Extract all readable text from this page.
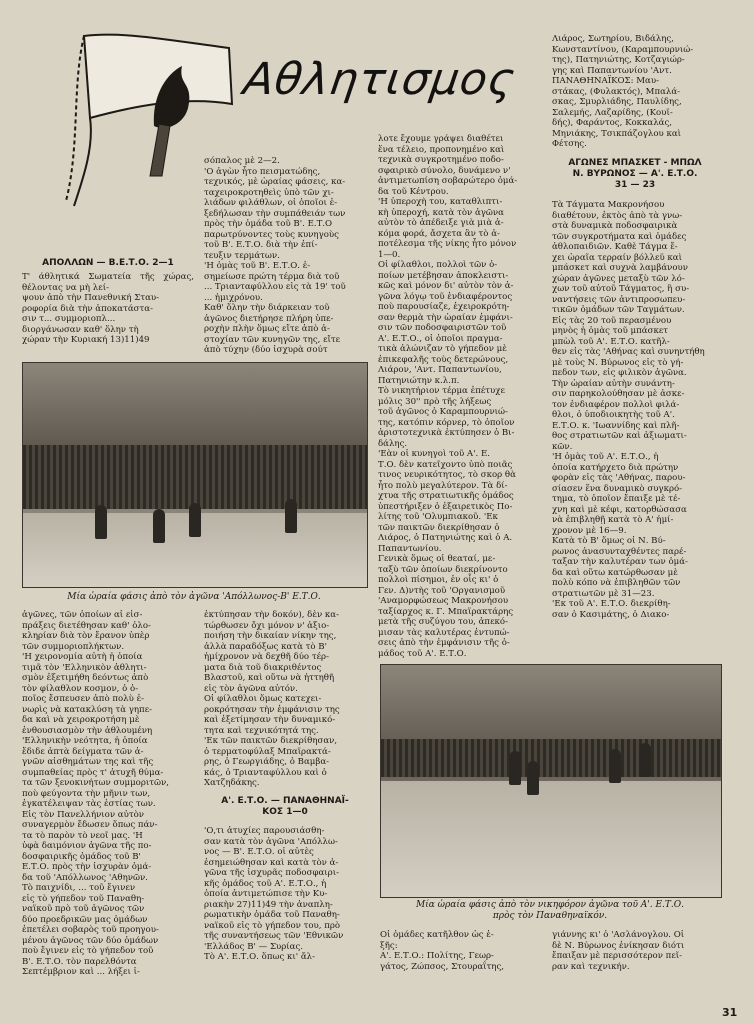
Αθλητισμος
ΑΠΟΛΛΩΝ — Β.Ε.Τ.Ο. 2—1

Τ' άθλητικά Σωματεία τῆς χώρας, θέλοντας να μὴ λεί-
ψουν ἀπὸ τὴν Πανεθνική Σταυ-
ροφορία διὰ τὴν ἀποκατάστα-
σιν τ... συμμοριοπλ...
διοργάνωσαν καθ' ὅλην τὴ
χώραν τὴν Κυριακή 13)11)49

Μία ὡραία φάσις ἀπὸ τὸν ἀγῶνα 'Απόλλωνος-Β' Ε.Τ.Ο.

ἀγῶνες, τῶν ὁποίων αἱ εἰσ-
πράξεις διετέθησαν καθ' ὁλο-
κληρίαν διὰ τὸν ἔρανον ὑπὲρ
τῶν συμμοριοπλήκτων.
'Η χειρονομία αὐτὴ ἡ ὁποία
τιμᾶ τὸν 'Ελληνικὸν ἀθλητι-
σμὸν ἐξετιμήθη δεόντως ἀπὸ
τὸν φίλαθλον κοσμον, ὁ ὁ-
ποῖος ἔσπευσεν ἀπὸ πολὺ ἐ-
νωρὶς νὰ κατακλύση τὰ γηπε-
δα καὶ νὰ χειροκροτήση μὲ
ἐνθουσιασμὸν τὴν ἀθλουμένη
'Ελληνικὴν νεότητα, ἡ ὁποία
ἔδιδε ἀπτὰ δείγματα τῶν ἀ-
γνῶν αἰσθημάτων της καὶ τῆς
συμπαθείας πρὸς τ' ἀτυχῆ θύμα-
τα τῶν ξενοκινήτων συμμοριτῶν,
ποὺ φεύγοντα τὴν μῆνιν των,
ἐγκατέλειψαν τὰς ἑστίας των.
Εἰς τὸν Πανελλήνιον αὐτὸν
συναγερμὸν ἔδωσεν ὅπως πάν-
τα τὸ παρὸν τὸ νεοῖ μας. 'Η
ὑφὰ δαιμόνιον ἀγῶνα τῆς πο-
δοσφαιρικῆς ὁμάδος τοῦ Β'
Ε.Τ.Ο. πρὸς τὴν ἰσχυρὰν ὁμά-
δα τοῦ 'Απόλλωνος 'Αθηνῶν.
Τὸ παιχνίδι, ... τοῦ ἔγινεν
εἰς τὸ γήπεδον τοῦ Παναθη-
ναϊκοῦ πρὸ τοῦ ἀγῶνος τῶν
δύο προεδρικῶν μας ὁμάδων
ἐπετέλει σοβαρὸς τοῦ προηγου-
μένου ἀγῶνος τῶν δύο ὁμάδων
ποὺ ἔγινεν εἰς τὸ γήπεδον τοῦ
Β'. Ε.Τ.Ο. τὸν παρελθόντα
Σεπτέμβριον καὶ ... λήξει ἰ-

σόπαλος μὲ 2—2.
'Ο ἀγὼν ἦτο πεισματώδης,
τεχνικός, μὲ ὡραίας φάσεις, κα-
ταχειροκροτηθεὶς ὑπὸ τῶν χι-
λιάδων φιλάθλων, οἱ ὁποῖοι ἐ-
ξεδήλωσαν τὴν συμπάθειάν των
πρὸς τὴν ὁμάδα τοῦ Β'. Ε.Τ.Ο
παρωτρύνοντες τοὺς κυνηγοὺς
τοῦ Β'. Ε.Τ.Ο. διὰ τὴν ἐπί-
τευξιν τερμάτων.
'Η ὁμὰς τοῦ Β'. Ε.Τ.Ο. ἐ-
σημείωσε πρώτη τέρμα διὰ τοῦ
... Τριανταφύλλου εἰς τὰ 19' τοῦ
... ἡμιχρόνου.
Καθ' ὅλην τὴν διάρκειαν τοῦ
ἀγῶνος διετήρησε πλήρη ὑπε-
ροχὴν πλὴν ὅμως εἴτε ἀπὸ ἀ-
στοχίαν τῶν κυνηγῶν της, εἴτε
ἀπὸ τύχην (δύο ἰσχυρὰ σούτ

ἐκτύπησαν τὴν δοκόν), δὲν κα-
τώρθωσεν ὄχι μόνον ν' ἀξιο-
ποιήση τὴν δικαίαν νίκην της,
ἀλλὰ παραδόξως κατὰ τὸ Β'
ἡμίχρονον νὰ δεχθῆ δύο τέρ-
ματα διὰ τοῦ διακριθέντος
Βλαστοῦ, καὶ οὕτω νὰ ἡττηθῆ
εἰς τὸν ἀγῶνα αὐτόν.
Οἱ φίλαθλοι ὅμως κατεχει-
ροκρότησαν τὴν ἐμφάνισιν της
καὶ ἐξετίμησαν τὴν δυναμικό-
τητα καὶ τεχνικότητά της.
'Εκ τῶν παικτῶν διεκρίθησαν,
ὁ τερματοφύλαξ Μπαϊρακτά-
ρης, ὁ Γεωργιάδης, ὁ Βαμβα-
κάς, ὁ Τριανταφύλλου καὶ ὁ
Χατζηδάκης.

Α'. Ε.Τ.Ο. — ΠΑΝΑΘΗΝΑΪ-
ΚΟΣ 1—0

'Ο,τι ἀτυχίες παρουσιάσθη-
σαν κατὰ τὸν ἀγῶνα 'Απόλλω-
νος — Β'. Ε.Τ.Ο. οἱ αὐτὲς
ἐσημειώθησαν καὶ κατὰ τὸν ἀ-
γῶνα τῆς ἰσχυρᾶς ποδοσφαιρι-
κῆς ὁμάδος τοῦ Α'. Ε.Τ.Ο., ἡ
ὁποία ἀντιμετώπισε τὴν Κυ-
ριακὴν 27)11)49 τὴν ἀναπλη-
ρωματικὴν ὁμάδα τοῦ Παναθη-
ναϊκοῦ εἰς τὸ γήπεδον του, πρὸ
τῆς συναντήσεως τῶν 'Εθνικῶν
'Ελλάδος Β' — Συρίας.
Τὸ Α'. Ε.Τ.Ο. ὅπως κι' ἄλ-

λοτε ἔχουμε γράψει διαθέτει
ἕνα τέλειο, προπονημένο καὶ
τεχνικὰ συγκροτημένο ποδο-
σφαιρικὸ σύνολο, δυνάμενο ν'
ἀντιμετωπίση σοβαρώτερο ὁμά-
δα τοῦ Κέντρου.
'Η ὑπεροχὴ του, καταθλιπτι-
κὴ ὑπεροχή, κατὰ τὸν ἀγῶνα
αὐτὸν τὸ ἀπέδειξε γιὰ μιὰ ἀ-
κόμα φορά, ἄσχετα ἂν τὸ ἀ-
ποτέλεσμα τῆς νίκης ἦτο μόνον
1—0.
Οἱ φίλαθλοι, πολλοὶ τῶν ὁ-
ποίων μετέβησαν ἀποκλειστι-
κῶς καὶ μόνον δι' αὐτὸν τὸν ἀ-
γῶνα λόγῳ τοῦ ἐνδιαφέροντος
ποὺ παρουσίαζε, ἐχειροκρότη-
σαν θερμὰ τὴν ὡραίαν ἐμφάνι-
σιν τῶν ποδοσφαιριστῶν τοῦ
Α'. Ε.Τ.Ο., οἱ ὁποῖοι πραγμα-
τικὰ ἀλώνιζαν τὸ γήπεδον μὲ
ἐπικεφαλῆς τοὺς δετερώνους,
Λιάρον, 'Αντ. Παπαντωνίου,
Πατηνιώτην κ.λ.π.
Τὸ νικητήριον τέρμα ἐπέτυχε
μόλις 30'' πρὸ τῆς λήξεως
τοῦ ἀγῶνος ὁ Καραμπουρνιώ-
της, κατόπιν κόρνερ, τὸ ὁποῖον
ἀριστοτεχνικὰ ἐκτύπησεν ὁ Βι-
δάλης.
'Εὰν οἱ κυνηγοὶ τοῦ Α'. Ε.
Τ.Ο. δὲν κατεῖχοντο ὑπὸ ποιᾶς
τινος νευρικότητος, τὸ σκορ θὰ
ἦτο πολὺ μεγαλύτερον. Τὰ δί-
χτυα τῆς στρατιωτικῆς ὁμάδος
ὑπεστήριξεν ὁ ἐξαιρετικὸς Πο-
λίτης τοῦ 'Ολυμπιακοῦ. 'Εκ
τῶν παικτῶν διεκρίθησαν ὁ
Λιάρος, ὁ Πατηνιώτης καὶ ὁ Α.
Παπαντωνίου.
Γενικὰ ὅμως οἱ θεαταί, με-
ταξὺ τῶν ὁποίων διεκρίνοντο
πολλοὶ πίσημοι, ἐν οἷς κι' ὁ
Γεν. Δ)ντὴς τοῦ 'Οργανισμοῦ
'Αναμορφώσεως Μακρονήσου
ταξίαρχος κ. Γ. Μπαϊρακτάρης
μετὰ τῆς συζύγου του, ἀπεκό-
μισαν τὰς καλυτέρας ἐντυπώ-
σεις ἀπὸ τὴν ἐμφάνισιν τῆς ὁ-
μάδος τοῦ Α'. Ε.Τ.Ο.

Μία ὡραία φάσις ἀπὸ τὸν νικηφόρον ἀγῶνα τοῦ Α'. Ε.Τ.Ο.
πρὸς τὸν Παναθηναϊκόν.

Οἱ ὁμάδες κατῆλθον ὡς ἑ-
ξῆς:
Α'. Ε.Τ.Ο.: Πολίτης, Γεωρ-
γάτος, Ζώπσος, Στουραΐτης,

γιάννης κι' ὁ 'Ασλάνογλου. Οἱ
δὲ Ν. Βύρωνος ἐνίκησαν διότι
ἔπαιξαν μὲ περισσότερον πεῖ-
ραν καὶ τεχνικήν.

Λιάρος, Σωτηρίου, Βιδάλης,
Κωνσταντίνου, (Καραμπουρνιώ-
της), Πατηνιώτης, Κοτζαγιώρ-
γης καὶ Παπαντωνίου 'Αντ.
ΠΑΝΑΘΗΝΑΪΚΟΣ: Μαυ-
στάκας, (Φυλακτός), Μπαλά-
σκας, Σμυρλιάδης, Παυλίδης,
Σαλεμής, Λαζαρίδης, (Κουϊ-
δής), Φαράντος, Κοκκαλάς,
Μηνιάκης, Τσικπάζογλου καὶ
Φέτσης.

ΑΓΩΝΕΣ ΜΠΑΣΚΕΤ - ΜΠΩΛ
Ν. ΒΥΡΩΝΟΣ — Α'. Ε.Τ.Ο.
31 — 23

Τὰ Τάγματα Μακρονήσου
διαθέτουν, ἐκτὸς ἀπὸ τὰ γνω-
στὰ δυναμικὰ ποδοσφαιρικὰ
τῶν συγκροτήματα καὶ ὁμάδες
ἀθλοπαιδιῶν. Καθὲ Τάγμα ἔ-
χει ὡραῖα τερραίν βόλλεϋ καὶ
μπάσκετ καὶ συχνὰ λαμβάνουν
χώραν ἀγῶνες μεταξὺ τῶν λό-
χων τοῦ αὐτοῦ Τάγματος, ἢ συ-
ναντήσεις τῶν ἀντιπροσωπευ-
τικῶν ὁμάδων τῶν Ταγμάτων.
Εἰς τὰς 20 τοῦ περασμένου
μηνὸς ἡ ὁμὰς τοῦ μπάσκετ
μπὼλ τοῦ Α'. Ε.Τ.Ο. κατῆλ-
θεν εἰς τὰς 'Αθήνας καὶ συνηντήθη
μὲ τοὺς Ν. Βύρωνος εἰς τὸ γή-
πεδον των, εἰς φιλικὸν ἀγῶνα.
Τὴν ὡραίαν αὐτὴν συνάντη-
σιν παρηκολούθησαν μὲ ἀσκε-
τον ἐνδιαφέρον πολλοὶ φιλά-
θλοι, ὁ ὑποδιοικητὴς τοῦ Α'.
Ε.Τ.Ο. κ. 'Ιωαννίδης καὶ πλῆ-
θος στρατιωτῶν καὶ ἀξιωματι-
κῶν.
'Η ὁμὰς τοῦ Α'. Ε.Τ.Ο., ἡ
ὁποία κατήρχετο διὰ πρώτην
φορὰν εἰς τὰς 'Αθήνας, παρου-
σίασεν ἕνα δυναμικὸ συγκρό-
τημα, τὸ ὁποῖον ἔπαιξε μὲ τέ-
χνη καὶ μὲ κέφι, κατορθώσασα
νὰ ἐπιβληθῇ κατὰ τὸ Α' ἡμί-
χρονον μὲ 16—9.
Κατὰ τὸ Β' ὅμως οἱ Ν. Βύ-
ρωνος ἀνασυνταχθέντες παρέ-
ταξαν τὴν καλυτέραν των ὁμά-
δα καὶ οὕτω κατώρθωσαν μὲ
πολὺ κόπο νὰ ἐπιβληθῶν τῶν
στρατιωτῶν μὲ 31—23.
'Εκ τοῦ Α'. Ε.Τ.Ο. διεκρίθη-
σαν ὁ Κασιμάτης, ὁ Διακο-

31
